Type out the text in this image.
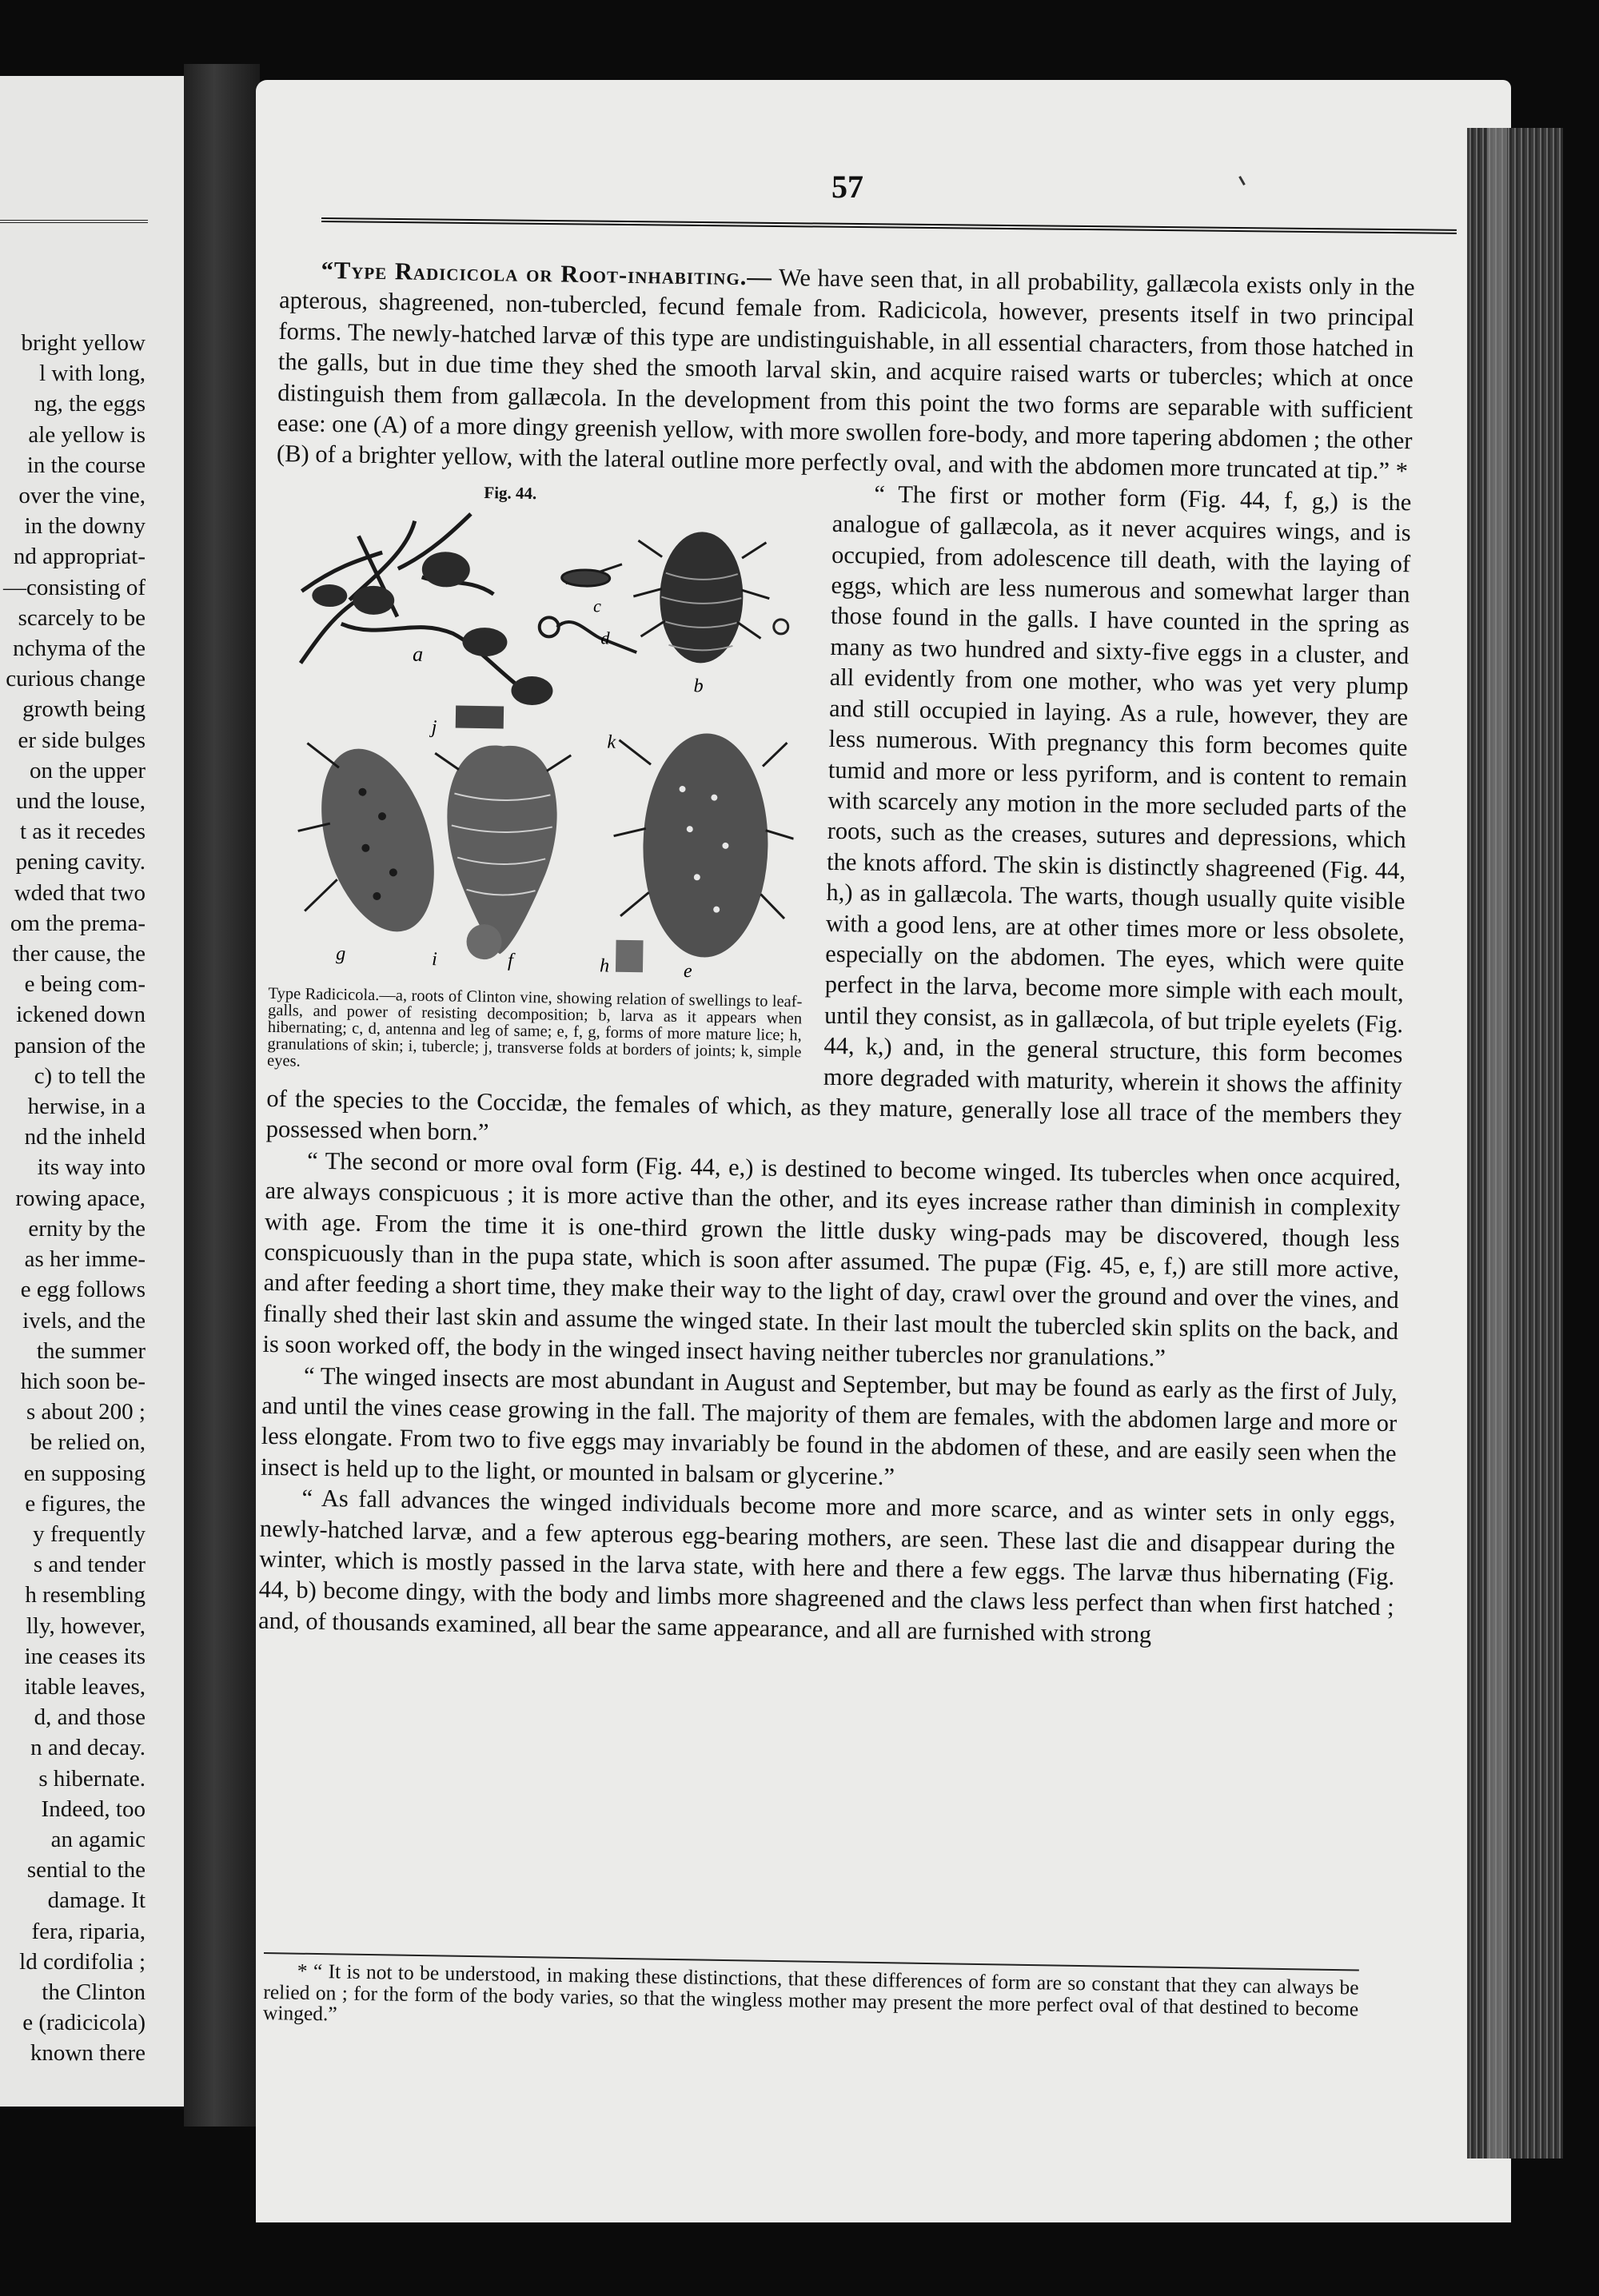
bright yellow
l with long,
ng, the eggs
ale yellow is
in the course
over the vine,
in the downy
nd appropriat-
—consisting of
scarcely to be
nchyma of the
curious change
growth being
er side bulges
on the upper
und the louse,
t as it recedes
pening cavity.
wded that two
om the prema-
ther cause, the
e being com-
ickened down
pansion of the
c) to tell the
herwise, in a
nd the inheld
its way into
rowing apace,
ernity by the
as her imme-
e egg follows
ivels, and the
the summer
hich soon be-
s about 200 ;
be relied on,
en supposing
e figures, the
y frequently
s and tender
h resembling
lly, however,
ine ceases its
itable leaves,
d, and those
n and decay.
s hibernate.
Indeed, too
an agamic
sential to the
damage. It
fera, riparia,
ld cordifolia ;
the Clinton
e (radicicola)
known there
57

“Type Radicicola or Root-inhabiting.— We have seen that, in all probability, gallæcola exists only in the apterous, shagreened, non-tubercled, fecund female from. Radicicola, however, presents itself in two principal forms. The newly-hatched larvæ of this type are undistinguishable, in all essential characters, from those hatched in the galls, but in due time they shed the smooth larval skin, and acquire raised warts or tubercles; which at once distinguish them from gallæcola. In the development from this point the two forms are separable with sufficient ease: one (A) of a more dingy greenish yellow, with more swollen fore-body, and more tapering abdomen ; the other (B) of a brighter yellow, with the lateral outline more perfectly oval, and with the abdomen more truncated at tip.” *

Fig. 44.
a
c
d
b
g	f
e
k
j
i	h
Type Radicicola.—a, roots of Clinton vine, showing relation of swellings to leaf-galls, and power of resisting decomposition; b, larva as it appears when hibernating; c, d, antenna and leg of same; e, f, g, forms of more mature lice; h, granulations of skin; i, tubercle; j, transverse folds at borders of joints; k, simple eyes.

“ The first or mother form (Fig. 44, f, g,) is the analogue of gallæcola, as it never acquires wings, and is occupied, from adolescence till death, with the laying of eggs, which are less numerous and somewhat larger than those found in the galls. I have counted in the spring as many as two hundred and sixty-five eggs in a cluster, and all evidently from one mother, who was yet very plump and still occupied in laying. As a rule, however, they are less numerous. With pregnancy this form becomes quite tumid and more or less pyriform, and is content to remain with scarcely any motion in the more secluded parts of the roots, such as the creases, sutures and depressions, which the knots afford. The skin is distinctly shagreened (Fig. 44, h,) as in gallæcola. The warts, though usually quite visible with a good lens, are at other times more or less obsolete, especially on the abdomen. The eyes, which were quite perfect in the larva, become more simple with each moult, until they consist, as in gallæcola, of but triple eyelets (Fig. 44, k,) and, in the general structure, this form becomes more degraded with maturity, wherein it shows the affinity of the species to the Coccidæ, the females of which, as they mature, generally lose all trace of the members they possessed when born.”

“ The second or more oval form (Fig. 44, e,) is destined to become winged. Its tubercles when once acquired, are always conspicuous ; it is more active than the other, and its eyes increase rather than diminish in complexity with age. From the time it is one-third grown the little dusky wing-pads may be discovered, though less conspicuously than in the pupa state, which is soon after assumed. The pupæ (Fig. 45, e, f,) are still more active, and after feeding a short time, they make their way to the light of day, crawl over the ground and over the vines, and finally shed their last skin and assume the winged state. In their last moult the tubercled skin splits on the back, and is soon worked off, the body in the winged insect having neither tubercles nor granulations.”

“ The winged insects are most abundant in August and September, but may be found as early as the first of July, and until the vines cease growing in the fall. The majority of them are females, with the abdomen large and more or less elongate. From two to five eggs may invariably be found in the abdomen of these, and are easily seen when the insect is held up to the light, or mounted in balsam or glycerine.”

“ As fall advances the winged individuals become more and more scarce, and as winter sets in only eggs, newly-hatched larvæ, and a few apterous egg-bearing mothers, are seen. These last die and disappear during the winter, which is mostly passed in the larva state, with here and there a few eggs. The larvæ thus hibernating (Fig. 44, b) become dingy, with the body and limbs more shagreened and the claws less perfect than when first hatched ; and, of thousands examined, all bear the same appearance, and all are furnished with strong

* “ It is not to be understood, in making these distinctions, that these differences of form are so constant that they can always be relied on ; for the form of the body varies, so that the wingless mother may present the more perfect oval of that destined to become winged.”
